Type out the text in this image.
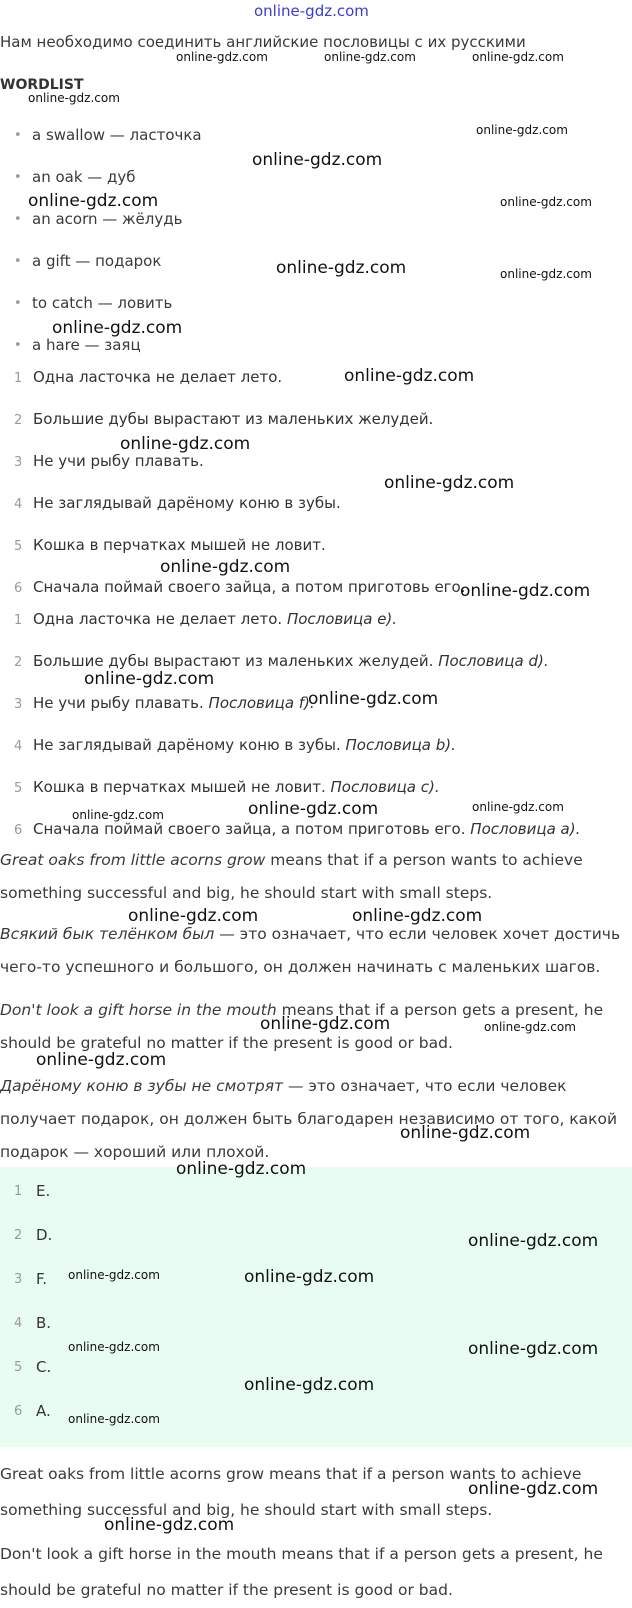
online-gdz.com
Нам необходимо соединить английские пословицы с их русскими
WORDLIST
• a swallow — ласточка
• an oak — дуб
• an acorn — жёлудь
• a gift — подарок
• to catch — ловить
• a hare — заяц
1 Одна ласточка не делает лето.
2 Большие дубы вырастают из маленьких желудей.
3 Не учи рыбу плавать.
4 Не заглядывай дарёному коню в зубы.
5 Кошка в перчатках мышей не ловит.
6 Сначала поймай своего зайца, а потом приготовь его.
1 Одна ласточка не делает лето. Пословица e).
2 Большие дубы вырастают из маленьких желудей. Пословица d).
3 Не учи рыбу плавать. Пословица f).
4 Не заглядывай дарёному коню в зубы. Пословица b).
5 Кошка в перчатках мышей не ловит. Пословица c).
6 Сначала поймай своего зайца, а потом приготовь его. Пословица a).
Great oaks from little acorns grow means that if a person wants to achieve something successful and big, he should start with small steps.
Всякий бык телёнком был — это означает, что если человек хочет достичь чего-то успешного и большого, он должен начинать с маленьких шагов.
Don't look a gift horse in the mouth means that if a person gets a present, he should be grateful no matter if the present is good or bad.
Дарёному коню в зубы не смотрят — это означает, что если человек получает подарок, он должен быть благодарен независимо от того, какой подарок — хороший или плохой.
1 E.
2 D.
3 F.
4 B.
5 C.
6 A.
Great oaks from little acorns grow means that if a person wants to achieve something successful and big, he should start with small steps.
Don't look a gift horse in the mouth means that if a person gets a present, he should be grateful no matter if the present is good or bad.
online-gdz.com	online-gdz.com	online-gdz.com
online-gdz.com
online-gdz.com
online-gdz.com
online-gdz.com	online-gdz.com
online-gdz.com	online-gdz.com
online-gdz.com
online-gdz.com
online-gdz.com
online-gdz.com
online-gdz.com
online-gdz.com
online-gdz.com
online-gdz.com
online-gdz.com
online-gdz.com	online-gdz.com
online-gdz.com	online-gdz.com
online-gdz.com	online-gdz.com
online-gdz.com
online-gdz.com
online-gdz.com
online-gdz.com
online-gdz.com	online-gdz.com
online-gdz.com	online-gdz.com
online-gdz.com
online-gdz.com
online-gdz.com
online-gdz.com
